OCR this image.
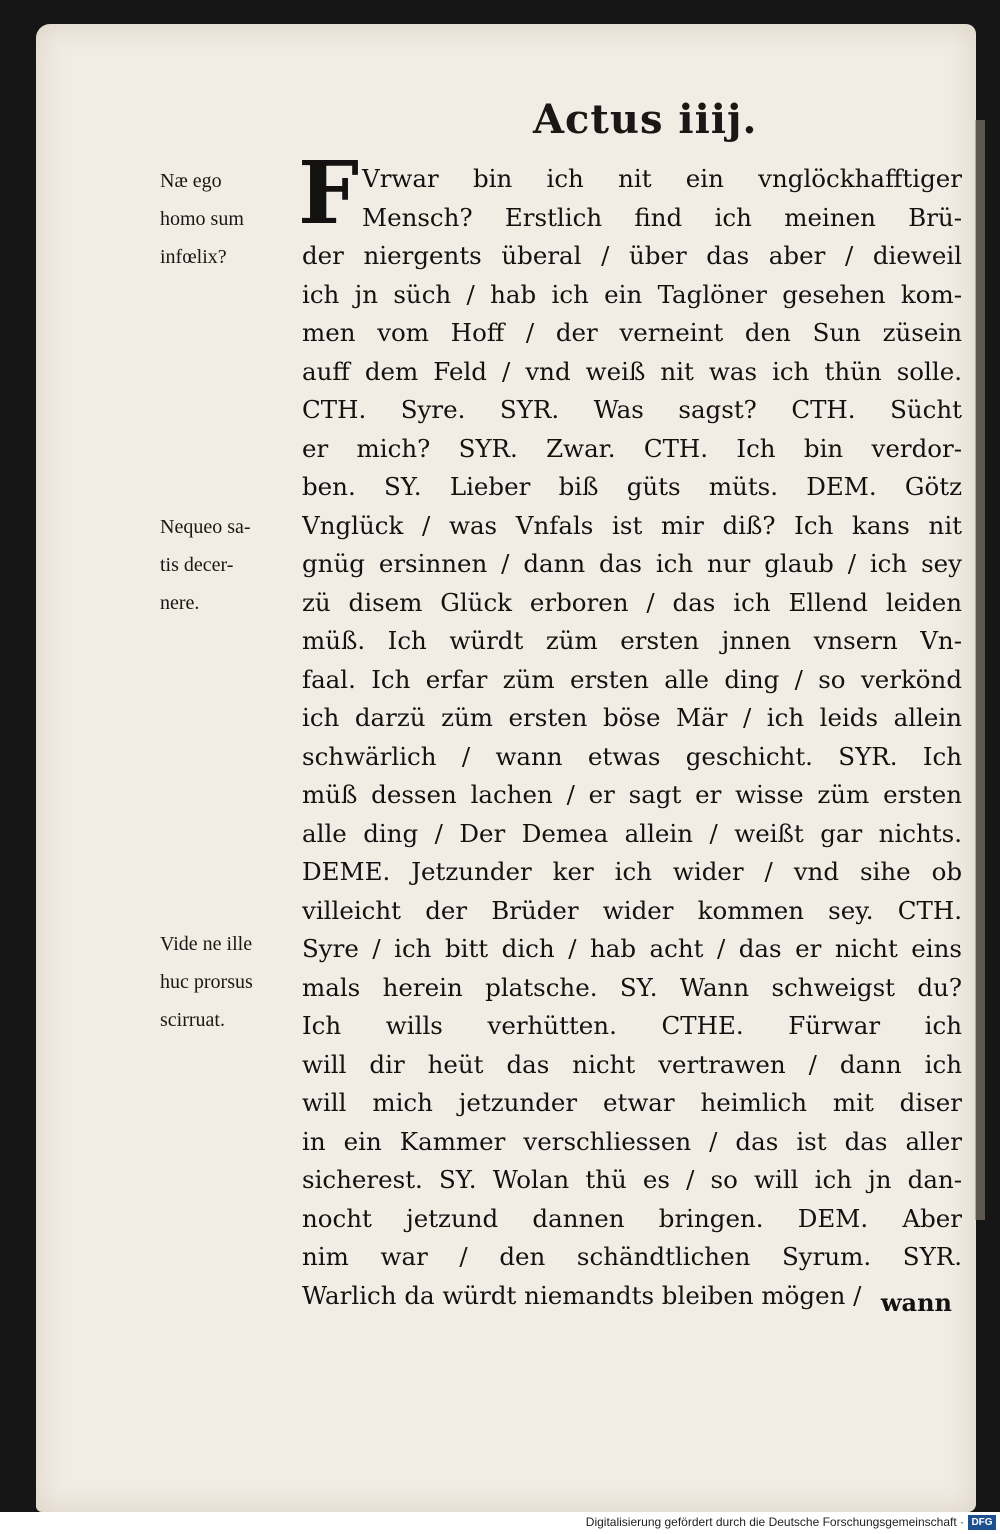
Actus iiij.
F
Næ ego
homo sum
infœlix?
Nequeo sa-
tis decer-
nere.
Vide ne ille
huc prorsus
scirruat.
Vrwar bin ich nit ein vnglöckhafftiger
Mensch? Erstlich find ich meinen Brü-
der niergents überal / über das aber / dieweil
ich jn süch / hab ich ein Taglöner gesehen kom-
men vom Hoff / der verneint den Sun züsein
auff dem Feld / vnd weiß nit was ich thün solle.
CTH. Syre. SYR. Was sagst? CTH. Sücht
er mich? SYR. Zwar. CTH. Ich bin verdor-
ben. SY. Lieber biß güts müts. DEM. Götz
Vnglück / was Vnfals ist mir diß? Ich kans nit
gnüg ersinnen / dann das ich nur glaub / ich sey
zü disem Glück erboren / das ich Ellend leiden
müß. Ich würdt züm ersten jnnen vnsern Vn-
faal. Ich erfar züm ersten alle ding / so verkönd
ich darzü züm ersten böse Mär / ich leids allein
schwärlich / wann etwas geschicht. SYR. Ich
müß dessen lachen / er sagt er wisse züm ersten
alle ding / Der Demea allein / weißt gar nichts.
DEME. Jetzunder ker ich wider / vnd sihe ob
villeicht der Brüder wider kommen sey. CTH.
Syre / ich bitt dich / hab acht / das er nicht eins
mals herein platsche. SY. Wann schweigst du?
Ich wills verhütten. CTHE. Fürwar ich
will dir heüt das nicht vertrawen / dann ich
will mich jetzunder etwar heimlich mit diser
in ein Kammer verschliessen / das ist das aller
sicherest. SY. Wolan thü es / so will ich jn dan-
nocht jetzund dannen bringen. DEM. Aber
nim war / den schändtlichen Syrum. SYR.
Warlich da würdt niemandts bleiben mögen / wann
Digitalisierung gefördert durch die Deutsche Forschungsgemeinschaft · DFG
